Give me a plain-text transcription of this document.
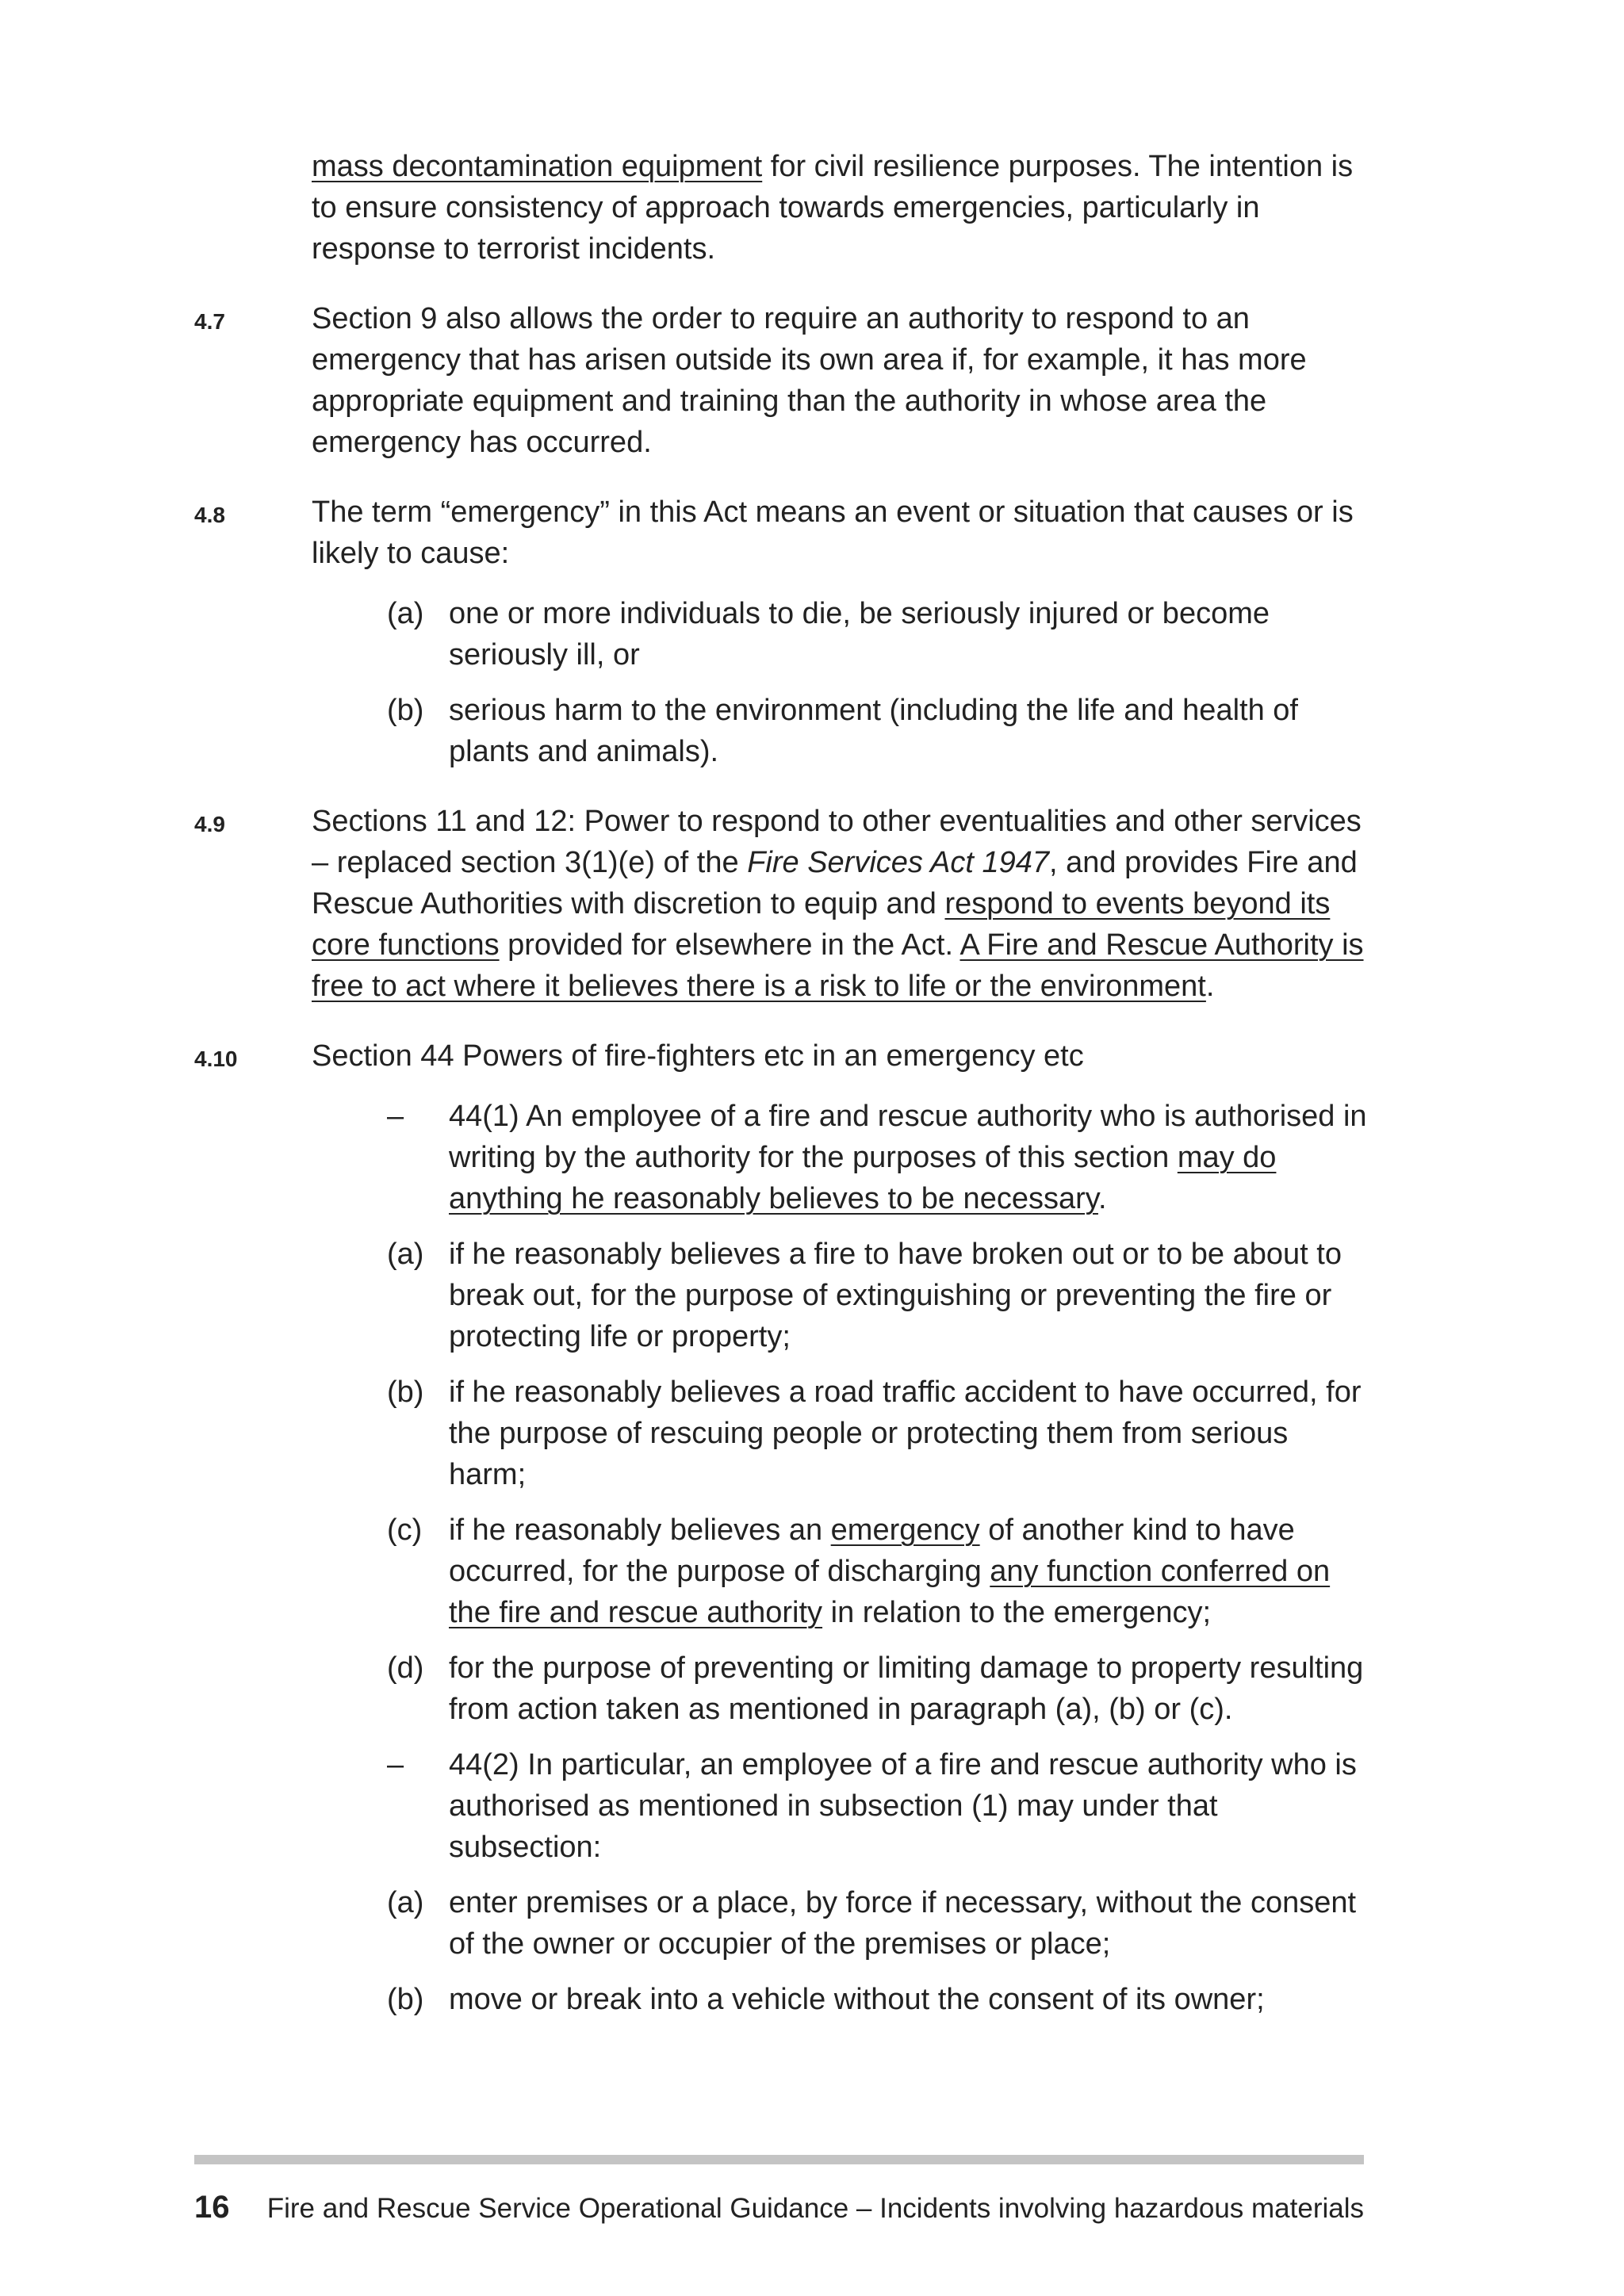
mass decontamination equipment for civil resilience purposes. The intention is to ensure consistency of approach towards emergencies, particularly in response to terrorist incidents.
4.7	Section 9 also allows the order to require an authority to respond to an emergency that has arisen outside its own area if, for example, it has more appropriate equipment and training than the authority in whose area the emergency has occurred.
4.8	The term “emergency” in this Act means an event or situation that causes or is likely to cause:
(a) one or more individuals to die, be seriously injured or become seriously ill, or
(b) serious harm to the environment (including the life and health of plants and animals).
4.9	Sections 11 and 12: Power to respond to other eventualities and other services – replaced section 3(1)(e) of the Fire Services Act 1947, and provides Fire and Rescue Authorities with discretion to equip and respond to events beyond its core functions provided for elsewhere in the Act. A Fire and Rescue Authority is free to act where it believes there is a risk to life or the environment.
4.10 Section 44 Powers of fire-fighters etc in an emergency etc
– 44(1) An employee of a fire and rescue authority who is authorised in writing by the authority for the purposes of this section may do anything he reasonably believes to be necessary.
(a) if he reasonably believes a fire to have broken out or to be about to break out, for the purpose of extinguishing or preventing the fire or protecting life or property;
(b) if he reasonably believes a road traffic accident to have occurred, for the purpose of rescuing people or protecting them from serious harm;
(c) if he reasonably believes an emergency of another kind to have occurred, for the purpose of discharging any function conferred on the fire and rescue authority in relation to the emergency;
(d) for the purpose of preventing or limiting damage to property resulting from action taken as mentioned in paragraph (a), (b) or (c).
– 44(2) In particular, an employee of a fire and rescue authority who is authorised as mentioned in subsection (1) may under that subsection:
(a) enter premises or a place, by force if necessary, without the consent of the owner or occupier of the premises or place;
(b) move or break into a vehicle without the consent of its owner;
16 Fire and Rescue Service Operational Guidance – Incidents involving hazardous materials
